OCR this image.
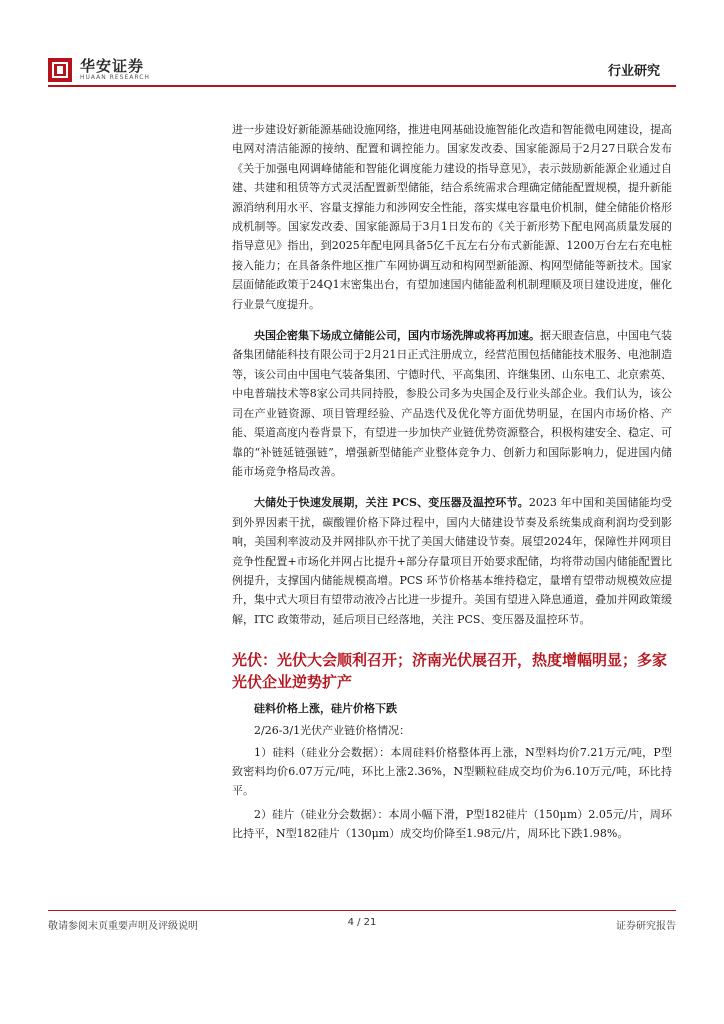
华安证券
HUAAN RESEARCH	行业研究

进一步建设好新能源基础设施网络，推进电网基础设施智能化改造和智能微电网建设，提高电网对清洁能源的接纳、配置和调控能力。国家发改委、国家能源局于2月27日联合发布《关于加强电网调峰储能和智能化调度能力建设的指导意见》，表示鼓励新能源企业通过自建、共建和租赁等方式灵活配置新型储能，结合系统需求合理确定储能配置规模，提升新能源消纳利用水平、容量支撑能力和涉网安全性能，落实煤电容量电价机制，健全储能价格形成机制等。国家发改委、国家能源局于3月1日发布的《关于新形势下配电网高质量发展的指导意见》指出，到2025年配电网具备5亿千瓦左右分布式新能源、1200万台左右充电桩接入能力；在具备条件地区推广车网协调互动和构网型新能源、构网型储能等新技术。国家层面储能政策于24Q1末密集出台，有望加速国内储能盈利机制理顺及项目建设进度，催化行业景气度提升。

央国企密集下场成立储能公司，国内市场洗牌或将再加速。据天眼查信息，中国电气装备集团储能科技有限公司于2月21日正式注册成立，经营范围包括储能技术服务、电池制造等，该公司由中国电气装备集团、宁德时代、平高集团、许继集团、山东电工、北京索英、中电普瑞技术等8家公司共同持股，参股公司多为央国企及行业头部企业。我们认为，该公司在产业链资源、项目管理经验、产品迭代及优化等方面优势明显，在国内市场价格、产能、渠道高度内卷背景下，有望进一步加快产业链优势资源整合，积极构建安全、稳定、可靠的“补链延链强链”，增强新型储能产业整体竞争力、创新力和国际影响力，促进国内储能市场竞争格局改善。

大储处于快速发展期，关注 PCS、变压器及温控环节。2023 年中国和美国储能均受到外界因素干扰，碳酸锂价格下降过程中，国内大储建设节奏及系统集成商利润均受到影响，美国利率波动及并网排队亦干扰了美国大储建设节奏。展望2024年，保障性并网项目竞争性配置+市场化并网占比提升+部分存量项目开始要求配储，均将带动国内储能配置比例提升，支撑国内储能规模高增。PCS 环节价格基本维持稳定，量增有望带动规模效应提升，集中式大项目有望带动液冷占比进一步提升。美国有望进入降息通道，叠加并网政策缓解，ITC 政策带动，延后项目已经落地，关注 PCS、变压器及温控环节。

光伏：光伏大会顺利召开；济南光伏展召开，热度增幅明显；多家光伏企业逆势扩产
硅料价格上涨，硅片价格下跌

2/26-3/1光伏产业链价格情况：

1）硅料（硅业分会数据）：本周硅料价格整体再上涨，N型料均价7.21万元/吨，P型致密料均价6.07万元/吨，环比上涨2.36%，N型颗粒硅成交均价为6.10万元/吨，环比持平。

2）硅片（硅业分会数据）：本周小幅下滑，P型182硅片（150μm）2.05元/片，周环比持平，N型182硅片（130μm）成交均价降至1.98元/片，周环比下跌1.98%。

敬请参阅末页重要声明及评级说明	4 / 21	证券研究报告
